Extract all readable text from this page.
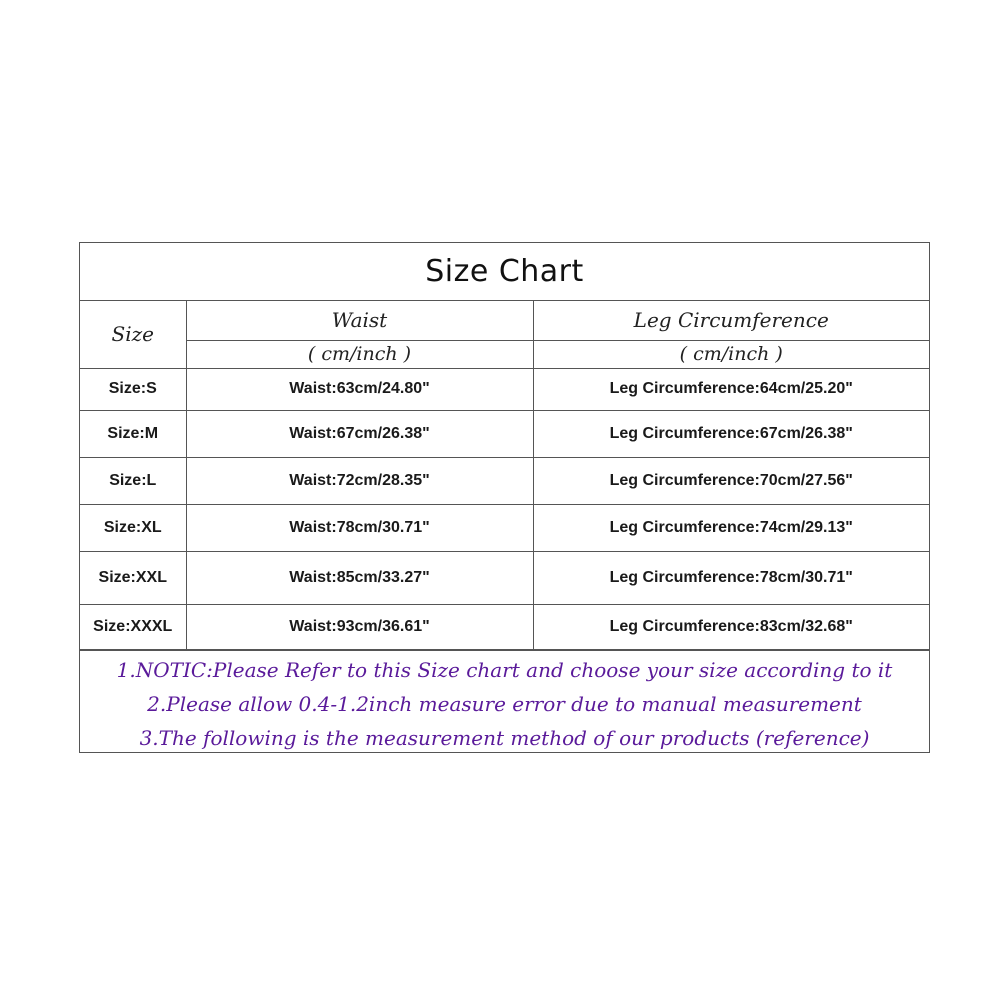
Size Chart
Size	Waist	Leg Circumference
	( cm/inch )	( cm/inch )
Size:S	Waist:63cm/24.80"	Leg Circumference:64cm/25.20"
Size:M	Waist:67cm/26.38"	Leg Circumference:67cm/26.38"
Size:L	Waist:72cm/28.35"	Leg Circumference:70cm/27.56"
Size:XL	Waist:78cm/30.71"	Leg Circumference:74cm/29.13"
Size:XXL	Waist:85cm/33.27"	Leg Circumference:78cm/30.71"
Size:XXXL	Waist:93cm/36.61"	Leg Circumference:83cm/32.68"
1.NOTIC:Please Refer to this Size chart and choose your size according to it
2.Please allow 0.4-1.2inch measure error due to manual measurement
3.The following is the measurement method of our products (reference)
